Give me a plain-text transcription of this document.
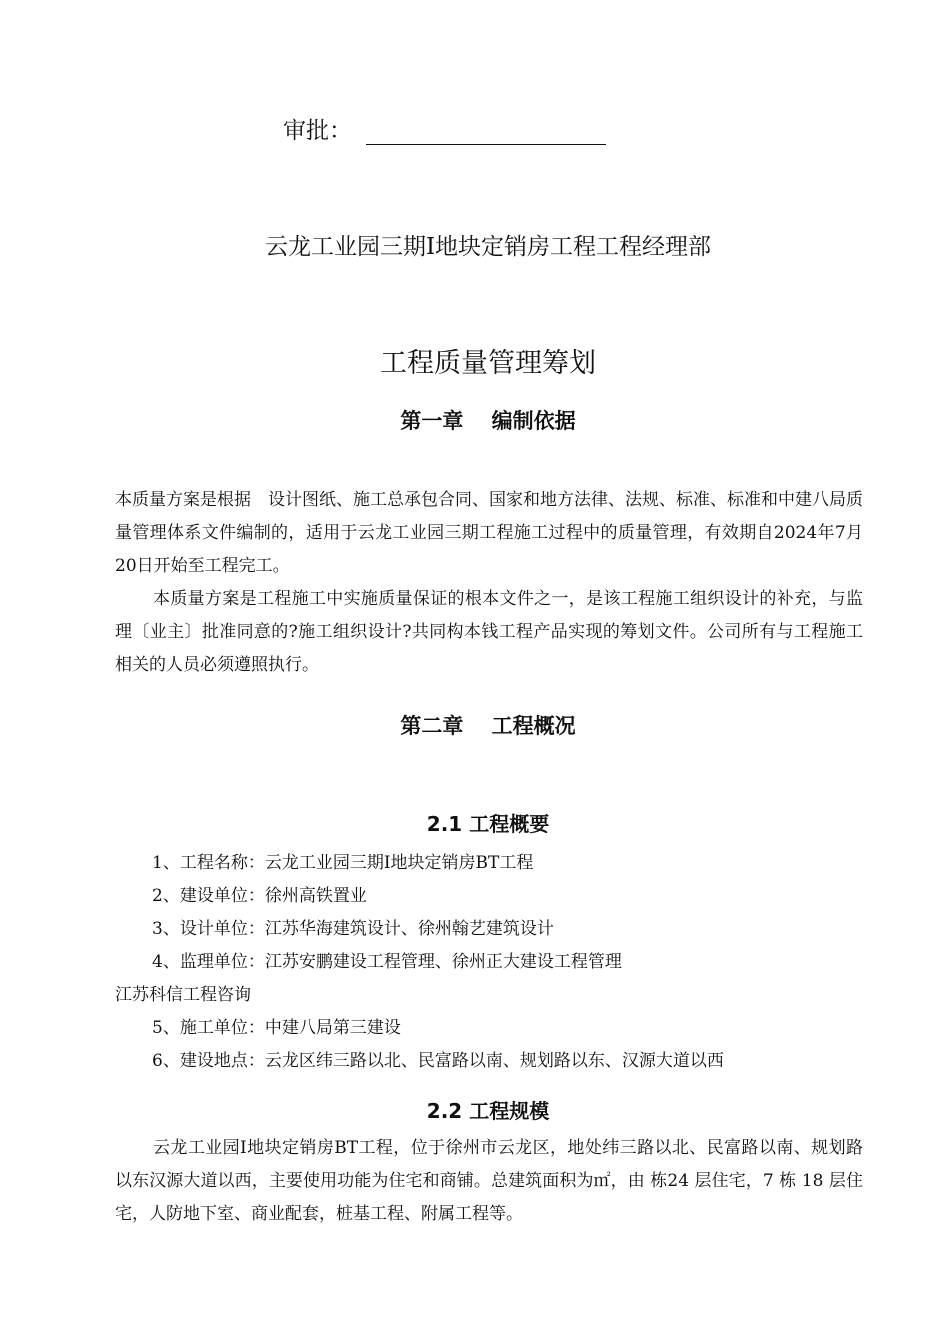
审批：
云龙工业园三期Ⅰ地块定销房工程工程经理部
工程质量管理筹划
第一章　 编制依据

本质量方案是根据　设计图纸、施工总承包合同、国家和地方法律、法规、标准、标准和中建八局质量管理体系文件编制的，适用于云龙工业园三期工程施工过程中的质量管理，有效期自2024年7月20日开始至工程完工。

本质量方案是工程施工中实施质量保证的根本文件之一，是该工程施工组织设计的补充，与监理〔业主〕批准同意的?施工组织设计?共同构本钱工程产品实现的筹划文件。公司所有与工程施工相关的人员必须遵照执行。

第二章　 工程概况
2.1 工程概要
1、工程名称：云龙工业园三期Ⅰ地块定销房BT工程
2、建设单位：徐州高铁置业
3、设计单位：江苏华海建筑设计、徐州翰艺建筑设计
4、监理单位：江苏安鹏建设工程管理、徐州正大建设工程管理
江苏科信工程咨询
5、施工单位：中建八局第三建设
6、建设地点：云龙区纬三路以北、民富路以南、规划路以东、汉源大道以西
2.2 工程规模

云龙工业园Ⅰ地块定销房BT工程，位于徐州市云龙区，地处纬三路以北、民富路以南、规划路以东汉源大道以西，主要使用功能为住宅和商铺。总建筑面积为㎡，由 栋24 层住宅，7 栋 18 层住宅，人防地下室、商业配套，桩基工程、附属工程等。
